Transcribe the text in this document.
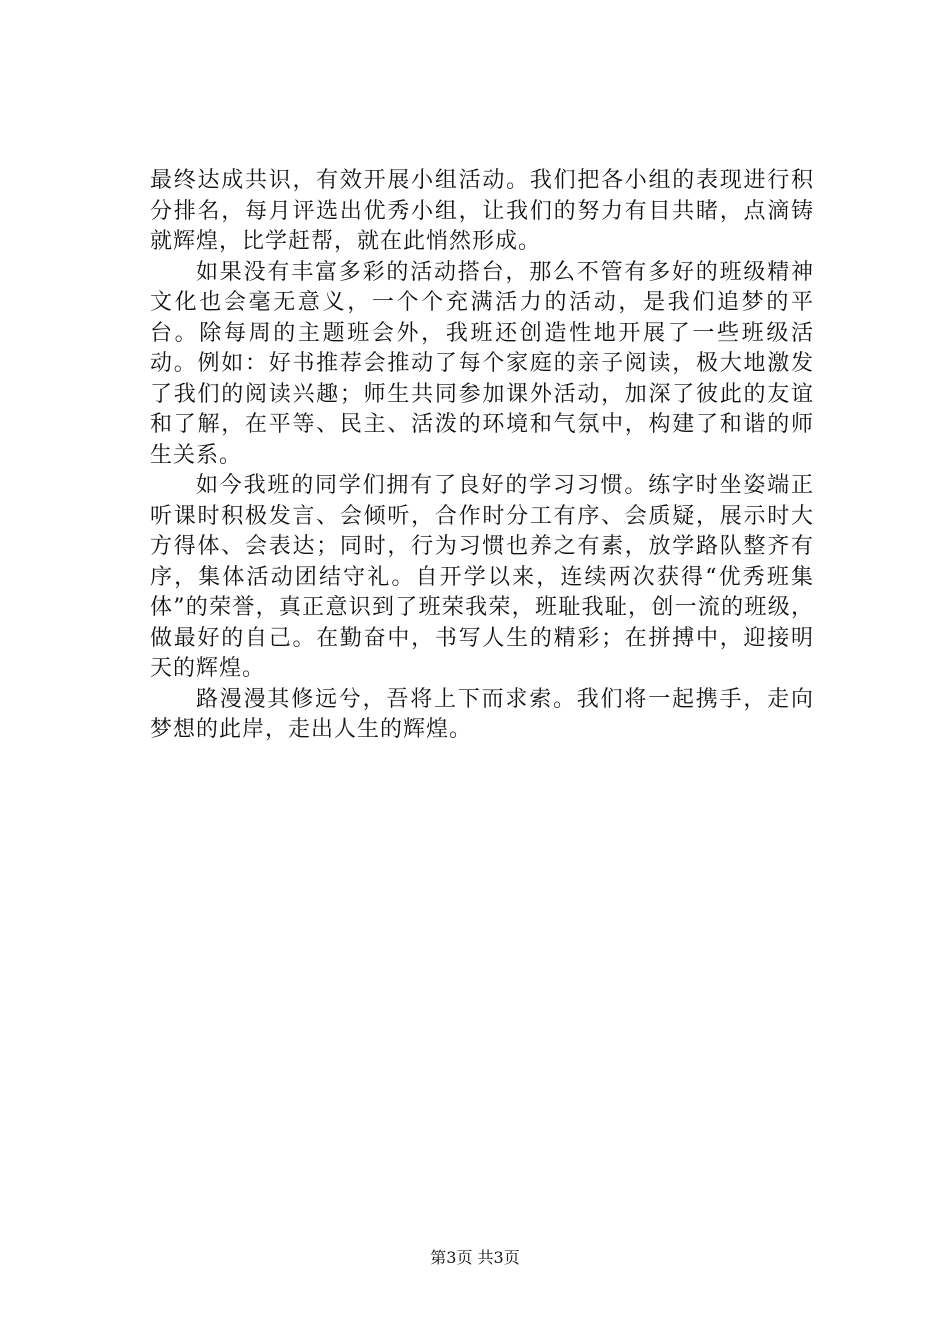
最终达成共识，有效开展小组活动。我们把各小组的表现进行积分排名，每月评选出优秀小组，让我们的努力有目共睹，点滴铸就辉煌，比学赶帮，就在此悄然形成。

如果没有丰富多彩的活动搭台，那么不管有多好的班级精神文化也会毫无意义，一个个充满活力的活动，是我们追梦的平台。除每周的主题班会外，我班还创造性地开展了一些班级活动。例如：好书推荐会推动了每个家庭的亲子阅读，极大地激发了我们的阅读兴趣；师生共同参加课外活动，加深了彼此的友谊和了解，在平等、民主、活泼的环境和气氛中，构建了和谐的师生关系。

如今我班的同学们拥有了良好的学习习惯。练字时坐姿端正听课时积极发言、会倾听，合作时分工有序、会质疑，展示时大方得体、会表达；同时，行为习惯也养之有素，放学路队整齐有序，集体活动团结守礼。自开学以来，连续两次获得“优秀班集体”的荣誉，真正意识到了班荣我荣，班耻我耻，创一流的班级，做最好的自己。在勤奋中，书写人生的精彩；在拼搏中，迎接明天的辉煌。

路漫漫其修远兮，吾将上下而求索。我们将一起携手，走向梦想的此岸，走出人生的辉煌。

第3页 共3页
